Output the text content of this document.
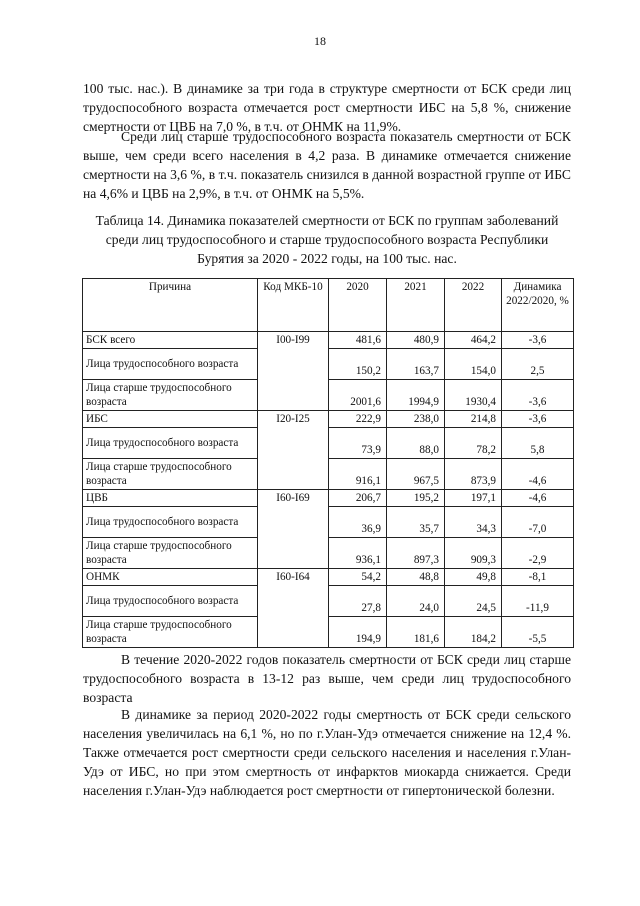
18

100 тыс. нас.). В динамике за три года в структуре смертности от БСК среди лиц трудоспособного возраста отмечается рост смертности ИБС на 5,8 %, снижение смертности от ЦВБ на 7,0 %, в т.ч. от ОНМК на 11,9%.

Среди лиц старше трудоспособного возраста показатель смертности от БСК выше, чем среди всего населения в 4,2 раза. В динамике отмечается снижение смертности на 3,6 %, в т.ч. показатель снизился в данной возрастной группе от ИБС на 4,6% и ЦВБ на 2,9%, в т.ч. от ОНМК на 5,5%.

Таблица 14. Динамика показателей смертности от БСК по группам заболеваний среди лиц трудоспособного и старше трудоспособного возраста Республики Бурятия за 2020 - 2022 годы, на 100 тыс. нас.

Причина	Код МКБ-10	2020	2021	2022	Динамика 2022/2020, %
БСК всего	I00-I99	481,6	480,9	464,2	-3,6
Лица трудоспособного возраста		150,2	163,7	154,0	2,5
Лица старше трудоспособного возраста		2001,6	1994,9	1930,4	-3,6
ИБС	I20-I25	222,9	238,0	214,8	-3,6
Лица трудоспособного возраста		73,9	88,0	78,2	5,8
Лица старше трудоспособного возраста		916,1	967,5	873,9	-4,6
ЦВБ	I60-I69	206,7	195,2	197,1	-4,6
Лица трудоспособного возраста		36,9	35,7	34,3	-7,0
Лица старше трудоспособного возраста		936,1	897,3	909,3	-2,9
ОНМК	I60-I64	54,2	48,8	49,8	-8,1
Лица трудоспособного возраста		27,8	24,0	24,5	-11,9
Лица старше трудоспособного возраста		194,9	181,6	184,2	-5,5

В течение 2020-2022 годов показатель смертности от БСК среди лиц старше трудоспособного возраста в 13-12 раз выше, чем среди лиц трудоспособного возраста

В динамике за период 2020-2022 годы смертность от БСК среди сельского населения увеличилась на 6,1 %, но по г.Улан-Удэ отмечается снижение на 12,4 %. Также отмечается рост смертности среди сельского населения и населения г.Улан-Удэ от ИБС, но при этом смертность от инфарктов миокарда снижается. Среди населения г.Улан-Удэ наблюдается рост смертности от гипертонической болезни.
